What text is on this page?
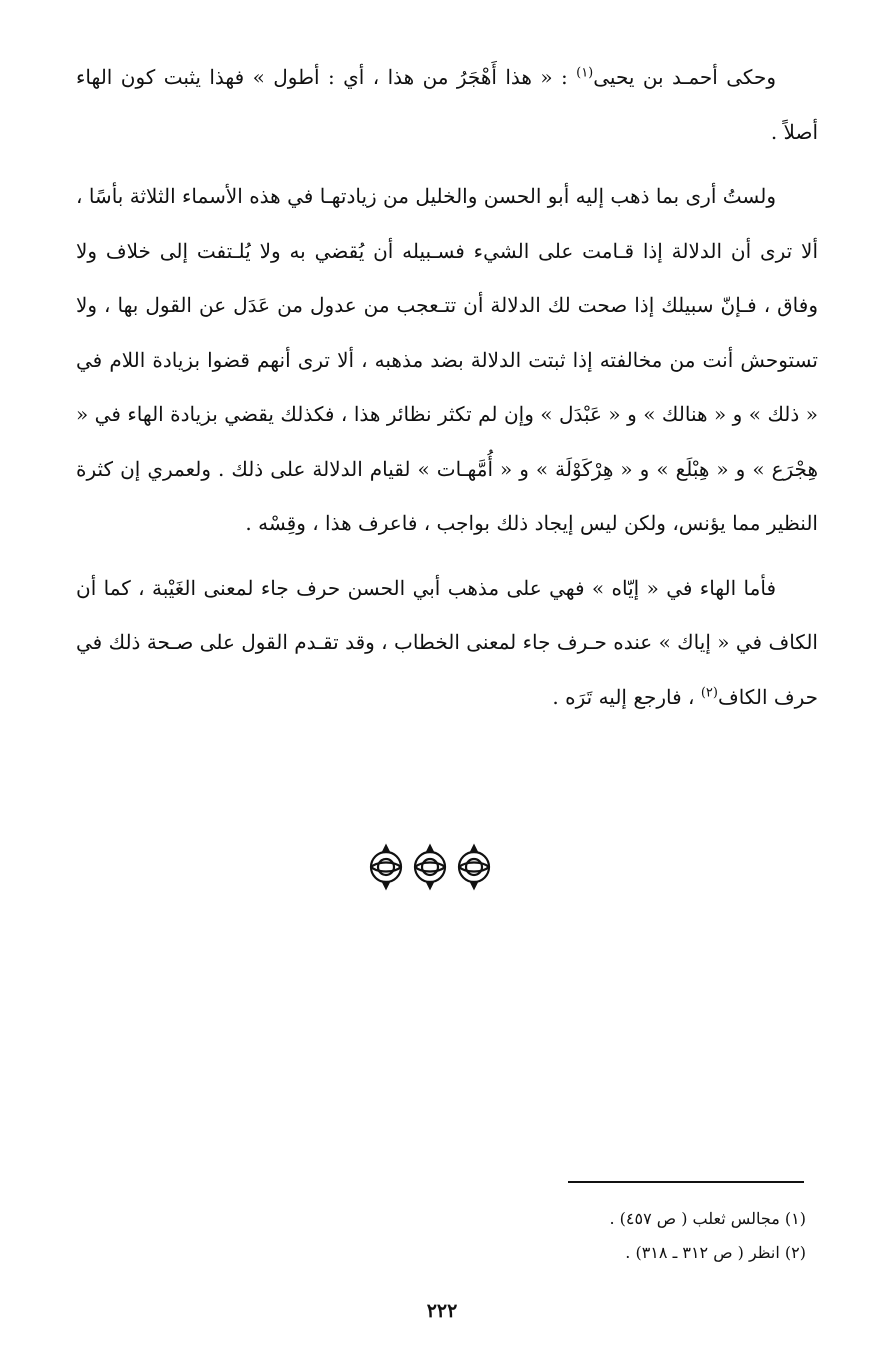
وحكى أحمـد بن يحيى$^{(١)}$ : « هذا أَهْجَرُ من هذا ، أي : أطول » فهذا يثبت كون الهاء أصلاً .

ولستُ أرى بما ذهب إليه أبو الحسن والخليل من زيادتهـا في هذه الأسماء الثلاثة بأسًا ، ألا ترى أن الدلالة إذا قـامت على الشيء فسـبيله أن يُقضي به ولا يُلـتفت إلى خلاف ولا وفاق ، فـإنّ سبيلك إذا صحت لك الدلالة أن تتـعجب من عدول من عَدَل عن القول بها ، ولا تستوحش أنت من مخالفته إذا ثبتت الدلالة بضد مذهبه ، ألا ترى أنهم قضوا بزيادة اللام في « ذلك » و « هنالك » و « عَبْدَل » وإن لم تكثر نظائر هذا ، فكذلك يقضي بزيادة الهاء في « هِجْرَع » و « هِبْلَع » و « هِرْكَوْلَة » و « أُمَّهـات » لقيام الدلالة على ذلك . ولعمري إن كثرة النظير مما يؤنس، ولكن ليس إيجاد ذلك بواجب ، فاعرف هذا ، وقِسْه .

فأما الهاء في « إيّاه » فهي على مذهب أبي الحسن حرف جاء لمعنى الغَيْبة ، كما أن الكاف في « إياك » عنده حـرف جاء لمعنى الخطاب ، وقد تقـدم القول على صـحة ذلك في حرف الكاف$^{(٢)}$ ، فارجع إليه تَرَه .

(١) مجالس ثعلب ( ص ٤٥٧) .

(٢) انظر ( ص ٣١٢ ـ ٣١٨) .

٢٢٢
